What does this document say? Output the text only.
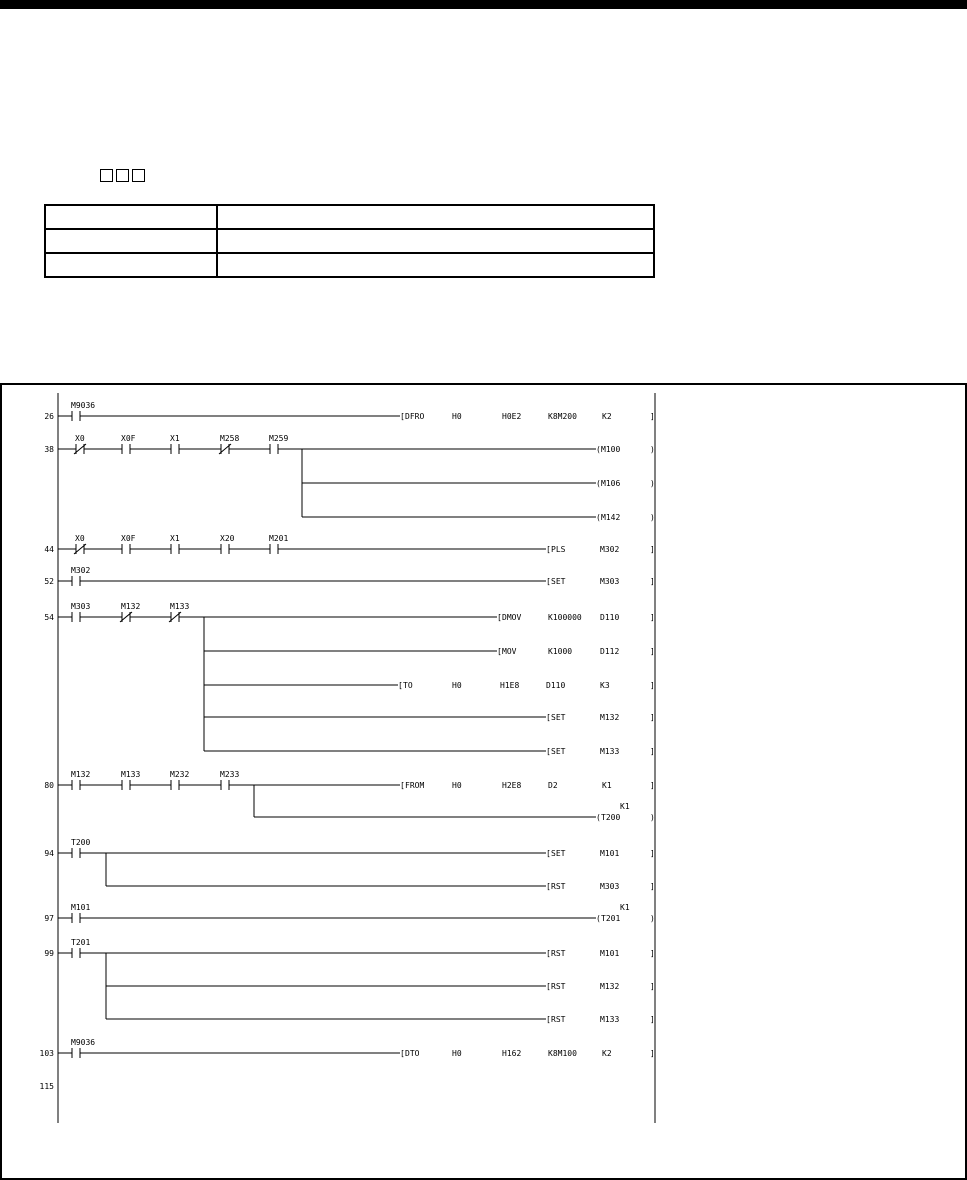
26
M9036
[ DFRO	H0	H0E2	K8M200	K2	]
38
X0	X0F	X1	M258	M259
( M100	)
( M106	)
( M142	)
44
X0	X0F	X1	X20	M201
[ PLS	M302	]
52
M302
[ SET	M303	]
54
M303	M132	M133
[ DMOV	K100000 D110	]
[ MOV	K1000	D112	]
[ TO	H0	H1E8	D110	K3	]
[ SET	M132	]
[ SET	M133	]
80
M132	M133	M232	M233
[ FROM	H0	H2E8	D2	K1	]
( T200	)
K1
94
T200
[ SET	M101	]
[ RST	M303	]
97
M101
( T201	)
K1
99
T201
[ RST	M101	]
[ RST	M132	]
[ RST	M133	]
103
M9036
[ DTO	H0	H162	K8M100	K2	]
115
